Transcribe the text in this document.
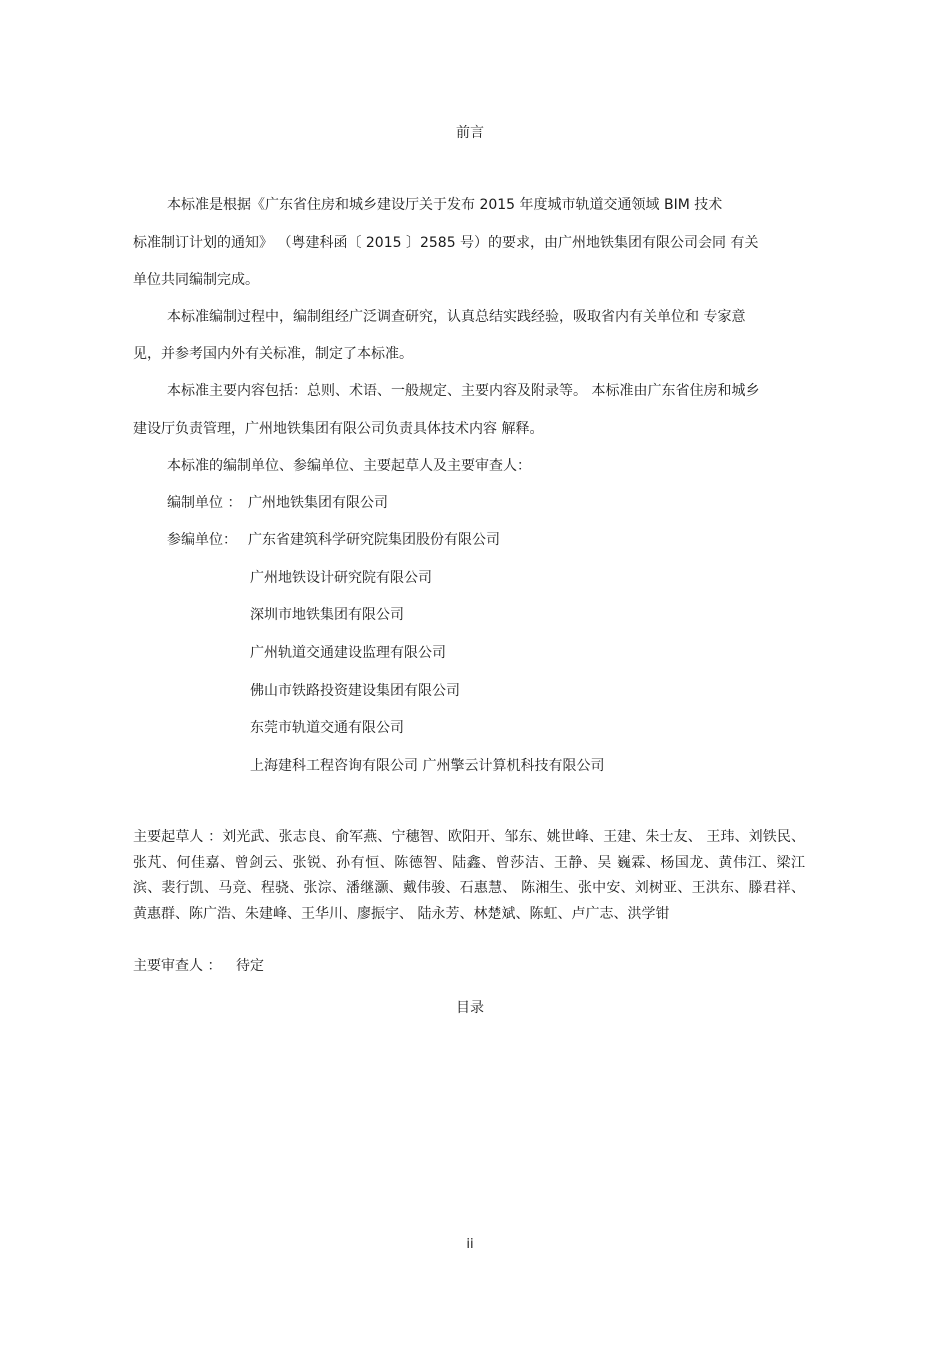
前言
本标准是根据《广东省住房和城乡建设厅关于发布 2015 年度城市轨道交通领域 BIM 技术
标准制订计划的通知》 （粤建科函〔 2015 〕2585 号）的要求，由广州地铁集团有限公司会同 有关
单位共同编制完成。
本标准编制过程中，编制组经广泛调查研究，认真总结实践经验，吸取省内有关单位和 专家意
见，并参考国内外有关标准，制定了本标准。
本标准主要内容包括：总则、术语、一般规定、主要内容及附录等。 本标准由广东省住房和城乡
建设厅负责管理，广州地铁集团有限公司负责具体技术内容 解释。
本标准的编制单位、参编单位、主要起草人及主要审查人：
编制单位 ： 广州地铁集团有限公司
参编单位： 广东省建筑科学研究院集团股份有限公司
广州地铁设计研究院有限公司
深圳市地铁集团有限公司
广州轨道交通建设监理有限公司
佛山市铁路投资建设集团有限公司
东莞市轨道交通有限公司
上海建科工程咨询有限公司 广州擎云计算机科技有限公司
主要起草人 ：刘光武、张志良、俞军燕、宁穗智、欧阳开、邹东、姚世峰、王建、朱士友、 王玮、刘铁民、张芃、何佳嘉、曾剑云、张锐、孙有恒、陈德智、陆鑫、曾莎洁、王静、吴 巍霖、杨国龙、黄伟江、梁江滨、裴行凯、马竞、程骁、张淙、潘继灏、戴伟骏、石惠慧、 陈湘生、张中安、刘树亚、王洪东、滕君祥、黄惠群、陈广浩、朱建峰、王华川、廖振宇、 陆永芳、林楚斌、陈虹、卢广志、洪学钳
主要审查人 ： 待定
目录
ii
